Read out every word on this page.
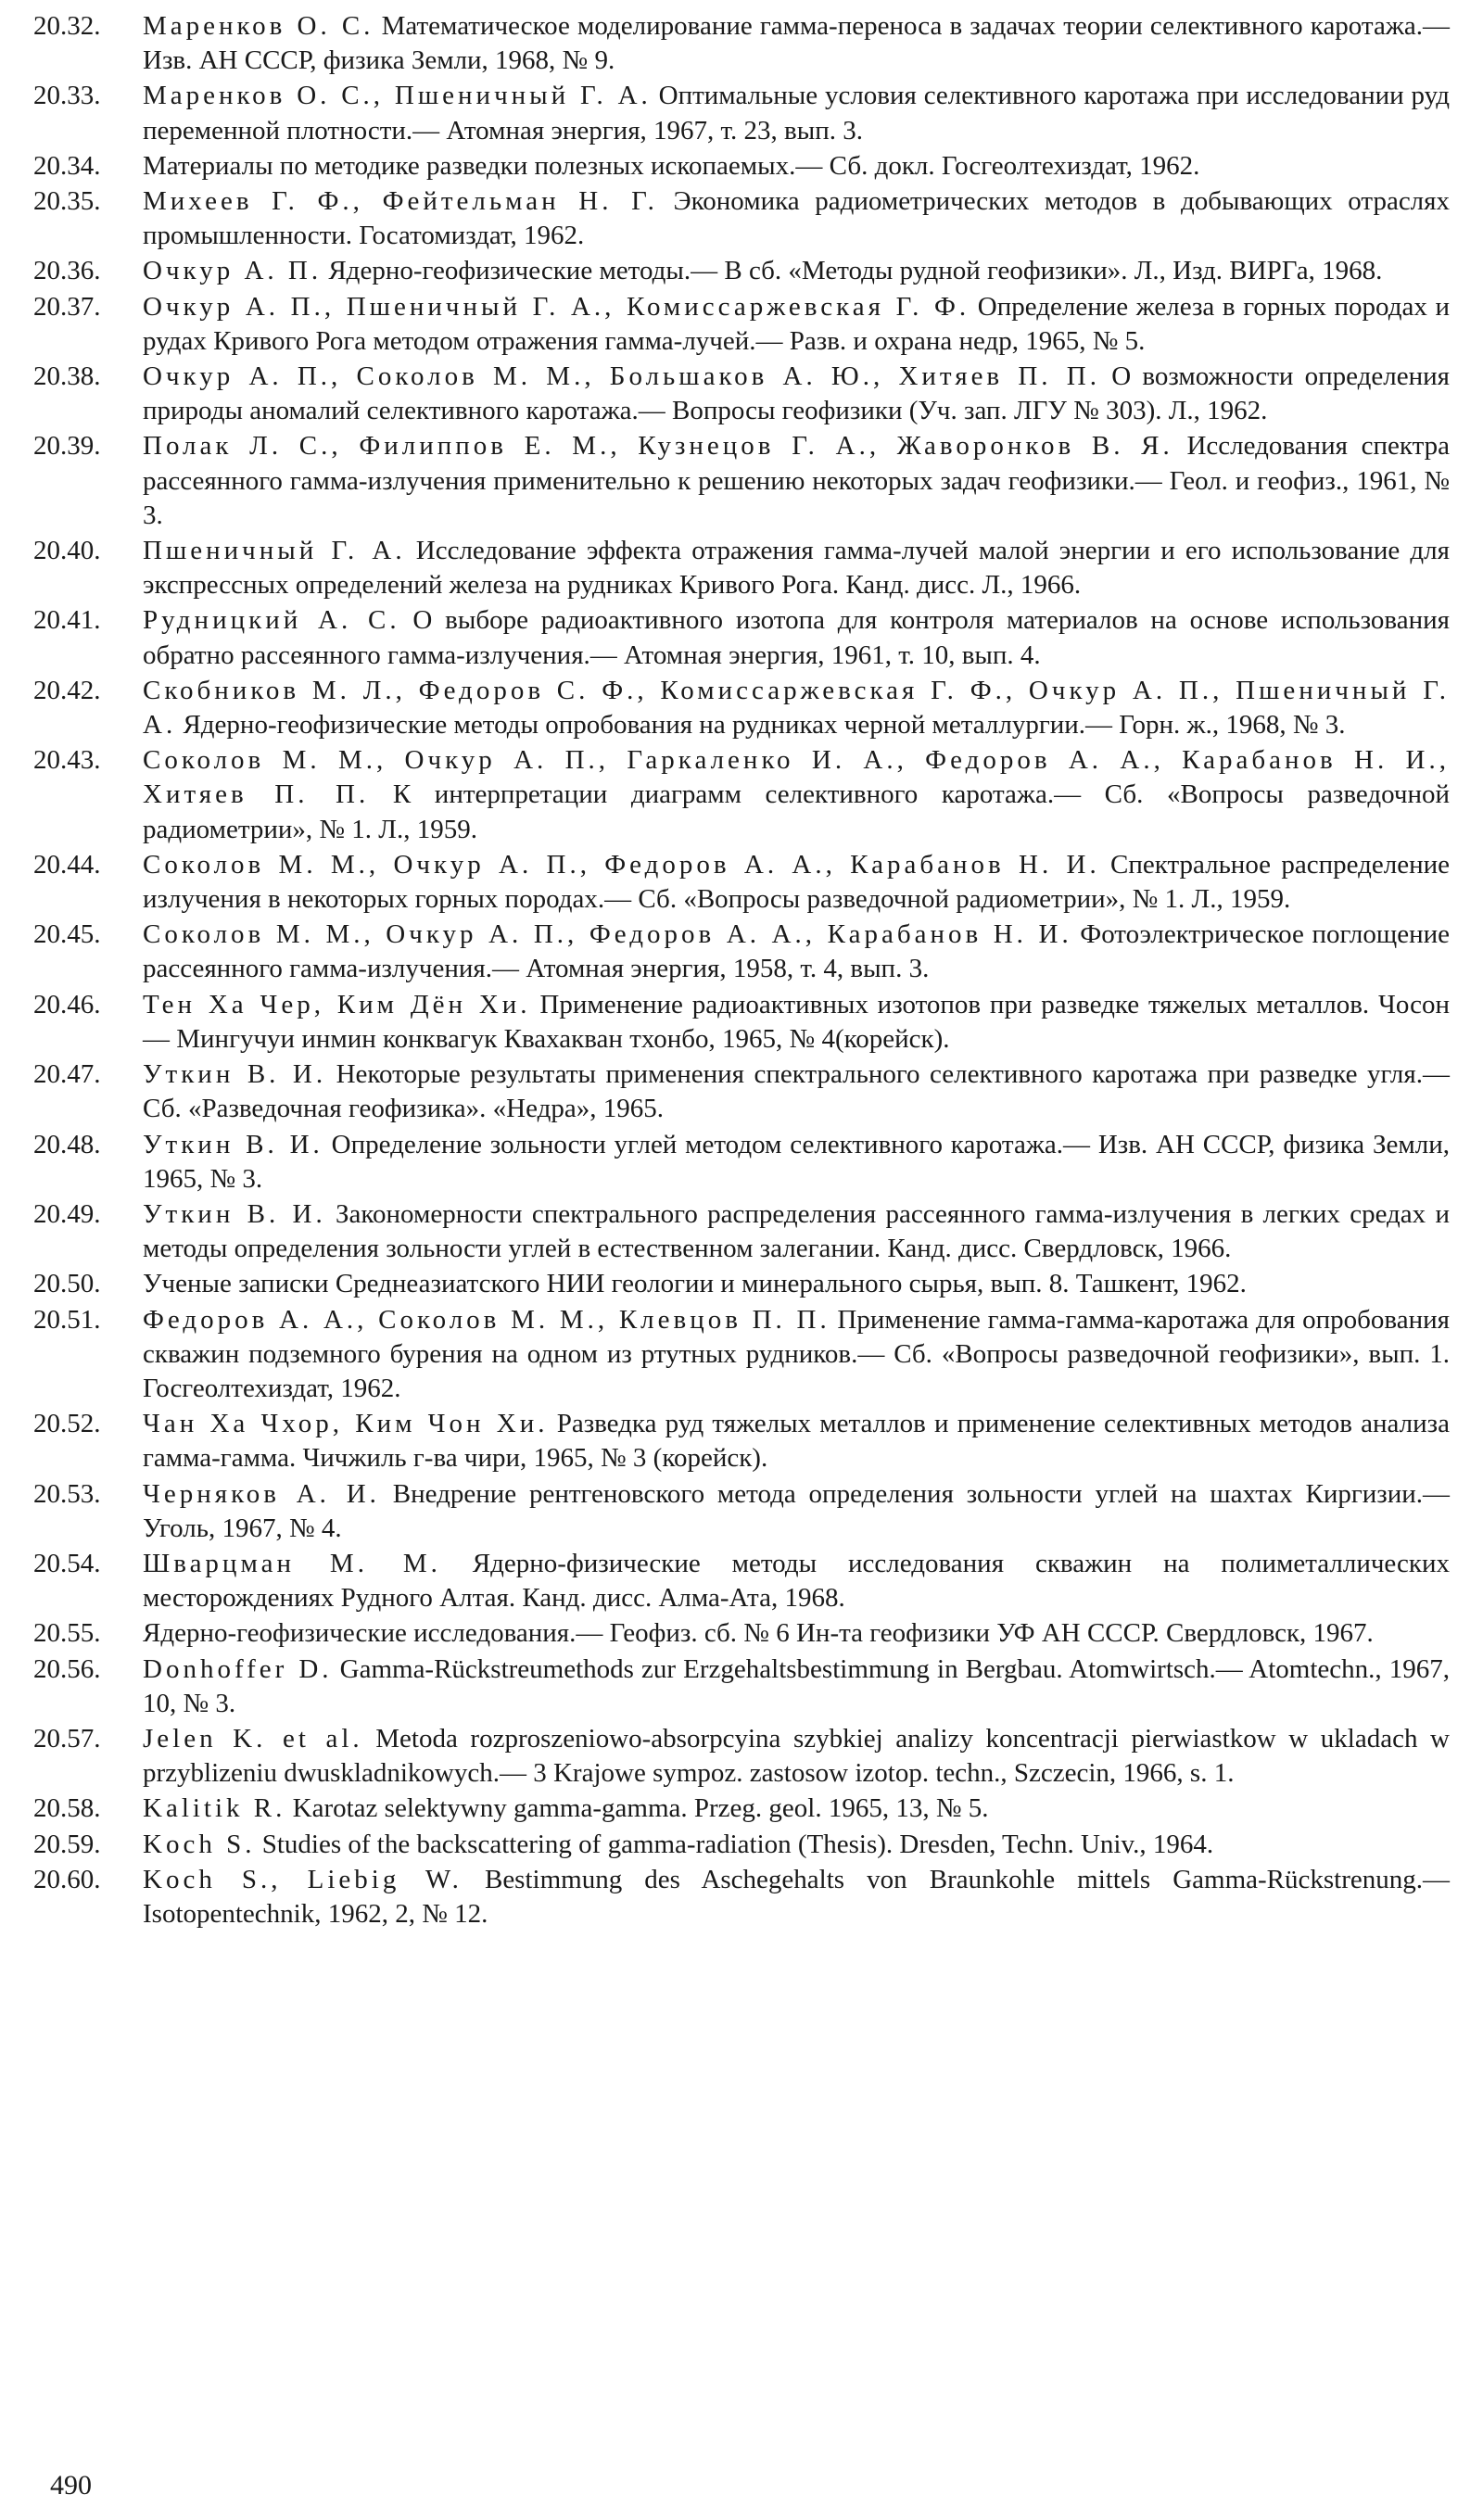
20.32.	Маренков О. С. Математическое моделирование гамма-переноса в задачах теории селективного каротажа.— Изв. АН СССР, физика Земли, 1968, № 9.
20.33.	Маренков О. С., Пшеничный Г. А. Оптимальные условия селективного каротажа при исследовании руд переменной плотности.— Атомная энергия, 1967, т. 23, вып. 3.
20.34.	Материалы по методике разведки полезных ископаемых.— Сб. докл. Госгеолтехиздат, 1962.
20.35.	Михеев Г. Ф., Фейтельман Н. Г. Экономика радиометрических методов в добывающих отраслях промышленности. Госатомиздат, 1962.
20.36.	Очкур А. П. Ядерно-геофизические методы.— В сб. «Методы рудной геофизики». Л., Изд. ВИРГа, 1968.
20.37.	Очкур А. П., Пшеничный Г. А., Комиссаржевская Г. Ф. Определение железа в горных породах и рудах Кривого Рога методом отражения гамма-лучей.— Разв. и охрана недр, 1965, № 5.
20.38.	Очкур А. П., Соколов М. М., Большаков А. Ю., Хитяев П. П. О возможности определения природы аномалий селективного каротажа.— Вопросы геофизики (Уч. зап. ЛГУ № 303). Л., 1962.
20.39.	Полак Л. С., Филиппов Е. М., Кузнецов Г. А., Жаворонков В. Я. Исследования спектра рассеянного гамма-излучения применительно к решению некоторых задач геофизики.— Геол. и геофиз., 1961, № 3.
20.40.	Пшеничный Г. А. Исследование эффекта отражения гамма-лучей малой энергии и его использование для экспрессных определений железа на рудниках Кривого Рога. Канд. дисс. Л., 1966.
20.41.	Рудницкий А. С. О выборе радиоактивного изотопа для контроля материалов на основе использования обратно рассеянного гамма-излучения.— Атомная энергия, 1961, т. 10, вып. 4.
20.42.	Скобников М. Л., Федоров С. Ф., Комиссаржевская Г. Ф., Очкур А. П., Пшеничный Г. А. Ядерно-геофизические методы опробования на рудниках черной металлургии.— Горн. ж., 1968, № 3.
20.43.	Соколов М. М., Очкур А. П., Гаркаленко И. А., Федоров А. А., Карабанов Н. И., Хитяев П. П. К интерпретации диаграмм селективного каротажа.— Сб. «Вопросы разведочной радиометрии», № 1. Л., 1959.
20.44.	Соколов М. М., Очкур А. П., Федоров А. А., Карабанов Н. И. Спектральное распределение излучения в некоторых горных породах.— Сб. «Вопросы разведочной радиометрии», № 1. Л., 1959.
20.45.	Соколов М. М., Очкур А. П., Федоров А. А., Карабанов Н. И. Фотоэлектрическое поглощение рассеянного гамма-излучения.— Атомная энергия, 1958, т. 4, вып. 3.
20.46.	Тен Ха Чер, Ким Дён Хи. Применение радиоактивных изотопов при разведке тяжелых металлов. Чосон — Мингучуи инмин конквагук Квахакван тхонбо, 1965, № 4(корейск).
20.47.	Уткин В. И. Некоторые результаты применения спектрального селективного каротажа при разведке угля.— Сб. «Разведочная геофизика». «Недра», 1965.
20.48.	Уткин В. И. Определение зольности углей методом селективного каротажа.— Изв. АН СССР, физика Земли, 1965, № 3.
20.49.	Уткин В. И. Закономерности спектрального распределения рассеянного гамма-излучения в легких средах и методы определения зольности углей в естественном залегании. Канд. дисс. Свердловск, 1966.
20.50.	Ученые записки Среднеазиатского НИИ геологии и минерального сырья, вып. 8. Ташкент, 1962.
20.51.	Федоров А. А., Соколов М. М., Клевцов П. П. Применение гамма-гамма-каротажа для опробования скважин подземного бурения на одном из ртутных рудников.— Сб. «Вопросы разведочной геофизики», вып. 1. Госгеолтехиздат, 1962.
20.52.	Чан Ха Чхор, Ким Чон Хи. Разведка руд тяжелых металлов и применение селективных методов анализа гамма-гамма. Чичжиль г-ва чири, 1965, № 3 (корейск).
20.53.	Черняков А. И. Внедрение рентгеновского метода определения зольности углей на шахтах Киргизии.— Уголь, 1967, № 4.
20.54.	Шварцман М. М. Ядерно-физические методы исследования скважин на полиметаллических месторождениях Рудного Алтая. Канд. дисс. Алма-Ата, 1968.
20.55.	Ядерно-геофизические исследования.— Геофиз. сб. № 6 Ин-та геофизики УФ АН СССР. Свердловск, 1967.
20.56.	Donhoffer D. Gamma-Rückstreumethods zur Erzgehaltsbestimmung in Bergbau. Atomwirtsch.— Atomtechn., 1967, 10, № 3.
20.57.	Jelen K. et al. Metoda rozproszeniowo-absorpcyina szybkiej analizy koncentracji pierwiastkow w ukladach w przyblizeniu dwuskladnikowych.— 3 Krajowe sympoz. zastosow izotop. techn., Szczecin, 1966, s. 1.
20.58.	Kalitik R. Karotaz selektywny gamma-gamma. Przeg. geol. 1965, 13, № 5.
20.59.	Koch S. Studies of the backscattering of gamma-radiation (Thesis). Dresden, Techn. Univ., 1964.
20.60.	Koch S., Liebig W. Bestimmung des Aschegehalts von Braunkohle mittels Gamma-Rückstrenung.— Isotopentechnik, 1962, 2, № 12.
490
